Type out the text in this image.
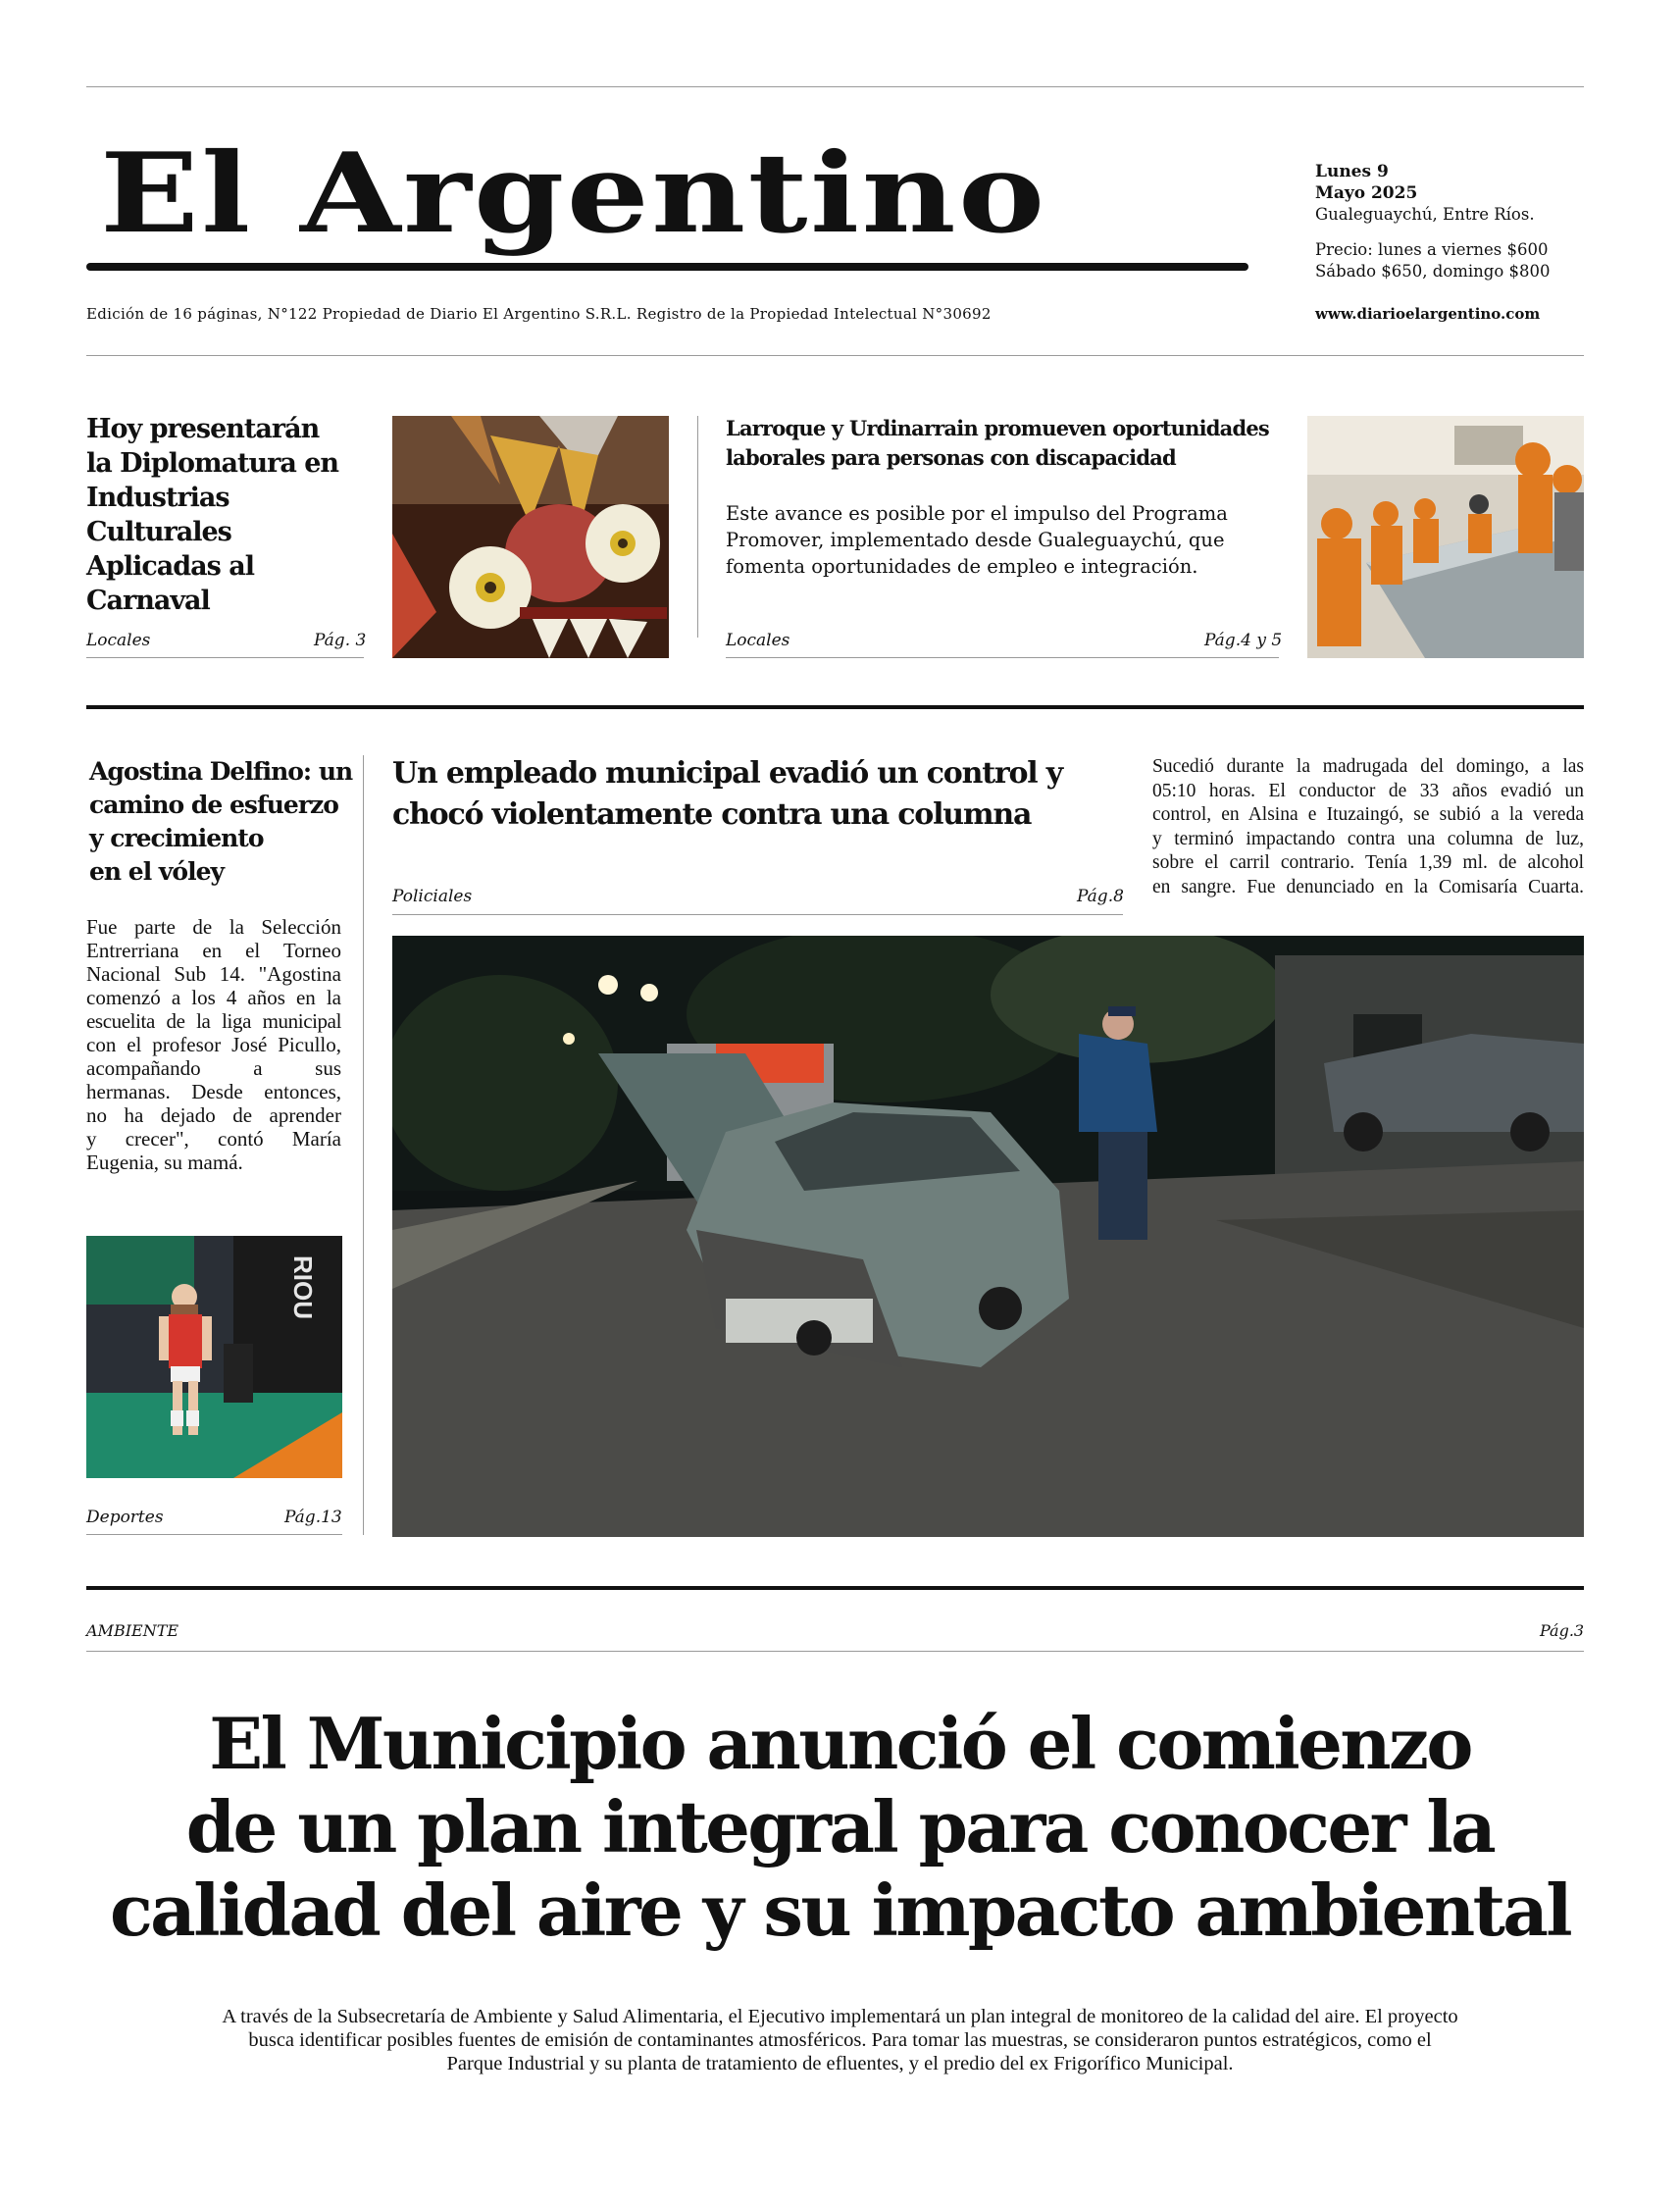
El Argentino	Lunes 9
Mayo 2025
Gualeguaychú, Entre Ríos.
Precio: lunes a viernes $600
Sábado $650, domingo $800
Edición de 16 páginas, N°122 Propiedad de Diario El Argentino S.R.L. Registro de la Propiedad Intelectual N°30692	www.diarioelargentino.com
Hoy presentarán
la Diplomatura en
Industrias Culturales
Aplicadas al Carnaval
Locales	Pág. 3
Larroque y Urdinarrain promueven oportunidades
laborales para personas con discapacidad
Este avance es posible por el impulso del Programa
Promover, implementado desde Gualeguaychú, que
fomenta oportunidades de empleo e integración.
Locales	Pág.4 y 5
Agostina Delfino: un
camino de esfuerzo
y crecimiento
en el vóley
Fue parte de la Selección
Entrerriana en el Torneo
Nacional Sub 14. "Agostina
comenzó a los 4 años en la
escuelita de la liga municipal
con el profesor José Picullo,
acompañando a sus
hermanas. Desde entonces,
no ha dejado de aprender
y crecer", contó María
Eugenia, su mamá.
RIOU
Deportes	Pág.13
Un empleado municipal evadió un control y
chocó violentamente contra una columna
Policiales	Pág.8
Sucedió durante la madrugada del domingo, a las
05:10 horas. El conductor de 33 años evadió un
control, en Alsina e Ituzaingó, se subió a la vereda
y terminó impactando contra una columna de luz,
sobre el carril contrario. Tenía 1,39 ml. de alcohol
en sangre. Fue denunciado en la Comisaría Cuarta.
AMBIENTE	Pág.3
El Municipio anunció el comienzo
de un plan integral para conocer la
calidad del aire y su impacto ambiental
A través de la Subsecretaría de Ambiente y Salud Alimentaria, el Ejecutivo implementará un plan integral de monitoreo de la calidad del aire. El proyecto
busca identificar posibles fuentes de emisión de contaminantes atmosféricos. Para tomar las muestras, se consideraron puntos estratégicos, como el
Parque Industrial y su planta de tratamiento de efluentes, y el predio del ex Frigorífico Municipal.
